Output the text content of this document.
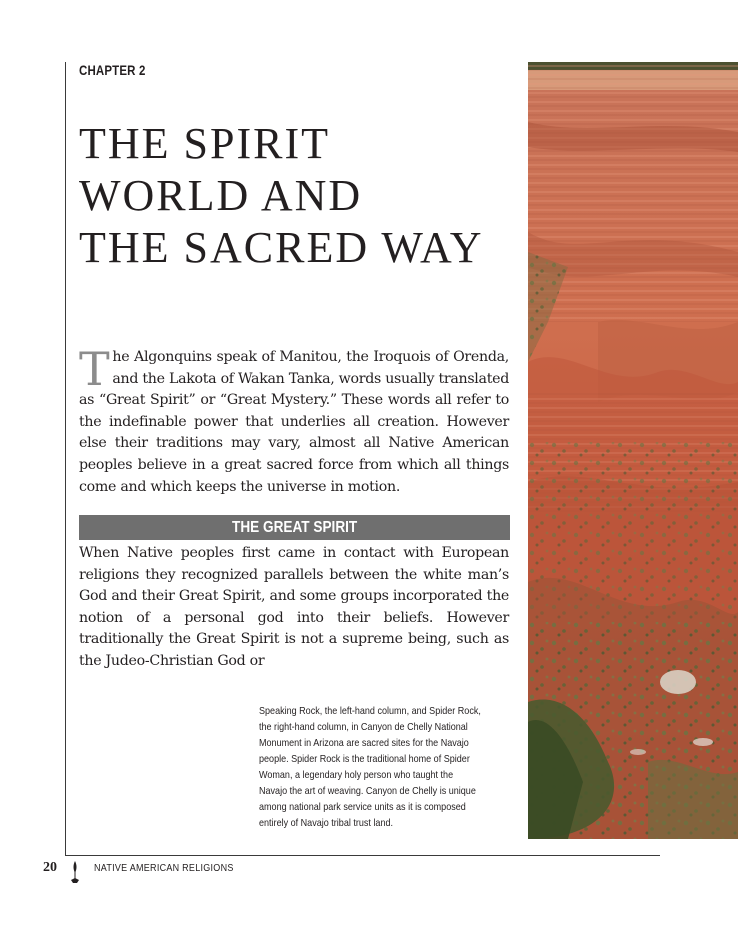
CHAPTER 2
THE SPIRIT
WORLD AND
THE SACRED WAY

The Algonquins speak of Manitou, the Iroquois of Orenda, and the Lakota of Wakan Tanka, words usually translated as “Great Spirit” or “Great Mystery.” These words all refer to the indefinable power that underlies all creation. However else their traditions may vary, almost all Native American peoples believe in a great sacred force from which all things come and which keeps the universe in motion.

THE GREAT SPIRIT

When Native peoples first came in contact with European religions they recognized parallels between the white man’s God and their Great Spirit, and some groups incorporated the notion of a personal god into their beliefs. However traditionally the Great Spirit is not a supreme being, such as the Judeo-Christian God or

Speaking Rock, the left-hand column, and Spider Rock,
the right-hand column, in Canyon de Chelly National
Monument in Arizona are sacred sites for the Navajo
people. Spider Rock is the traditional home of Spider
Woman, a legendary holy person who taught the
Navajo the art of weaving. Canyon de Chelly is unique
among national park service units as it is composed
entirely of Navajo tribal trust land.

20	NATIVE AMERICAN RELIGIONS
